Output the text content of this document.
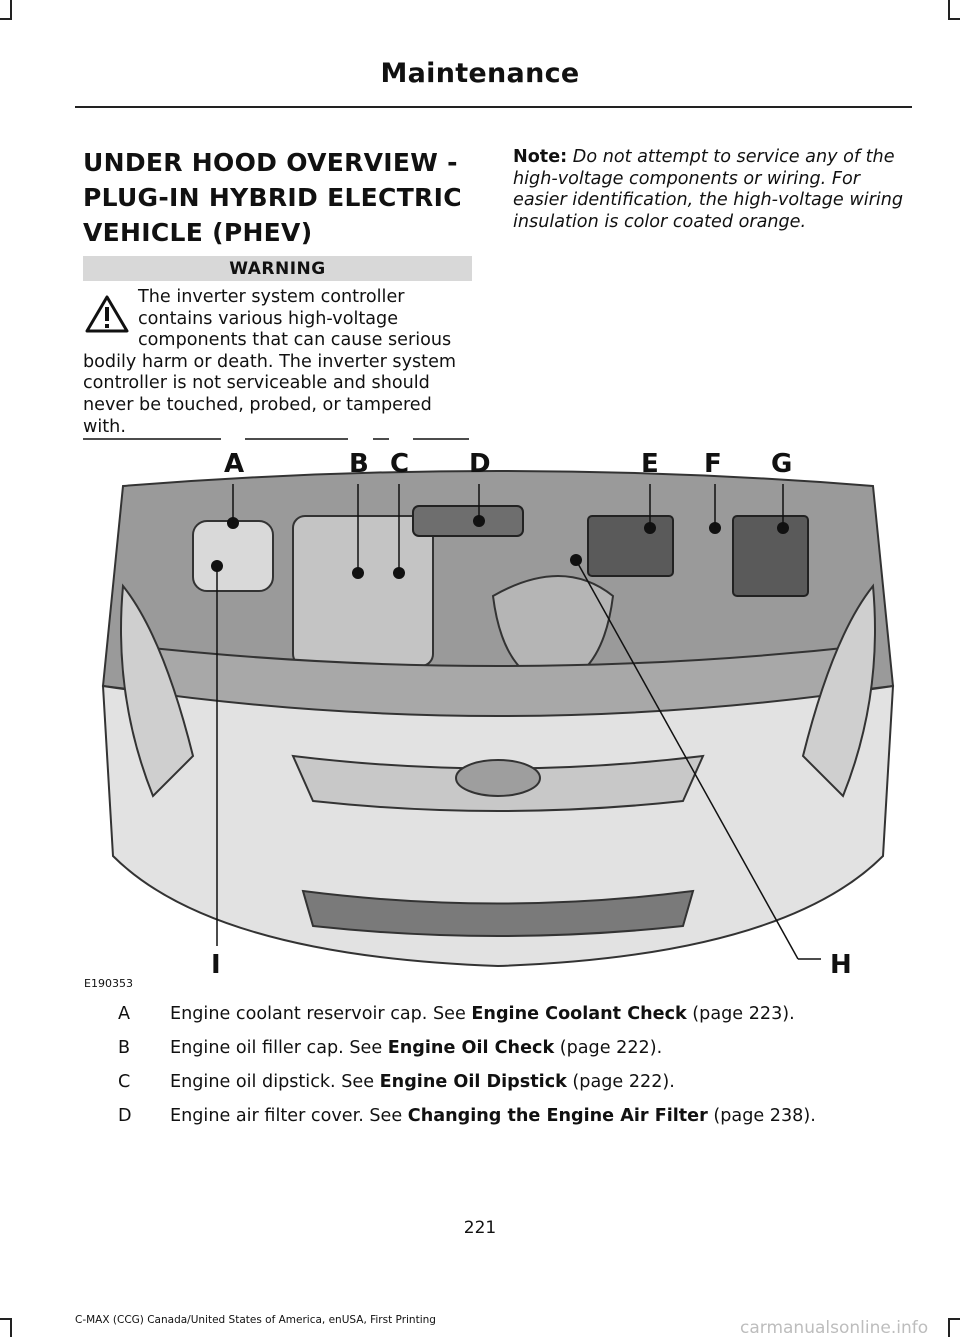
Maintenance
UNDER HOOD OVERVIEW - PLUG-IN HYBRID ELECTRIC VEHICLE (PHEV)
WARNING
The inverter system controller contains various high-voltage components that can cause serious bodily harm or death. The inverter system controller is not serviceable and should never be touched, probed, or tampered with.
Note: Do not attempt to service any of the high-voltage components or wiring. For easier identification, the high-voltage wiring insulation is color coated orange.
A	B C D	E F G
H
I
E190353
A	Engine coolant reservoir cap. See Engine Coolant Check (page 223).
B	Engine oil filler cap. See Engine Oil Check (page 222).
C	Engine oil dipstick. See Engine Oil Dipstick (page 222).
D	Engine air filter cover. See Changing the Engine Air Filter (page 238).
221
C-MAX (CCG) Canada/United States of America, enUSA, First Printing	carmanualsonline.info
